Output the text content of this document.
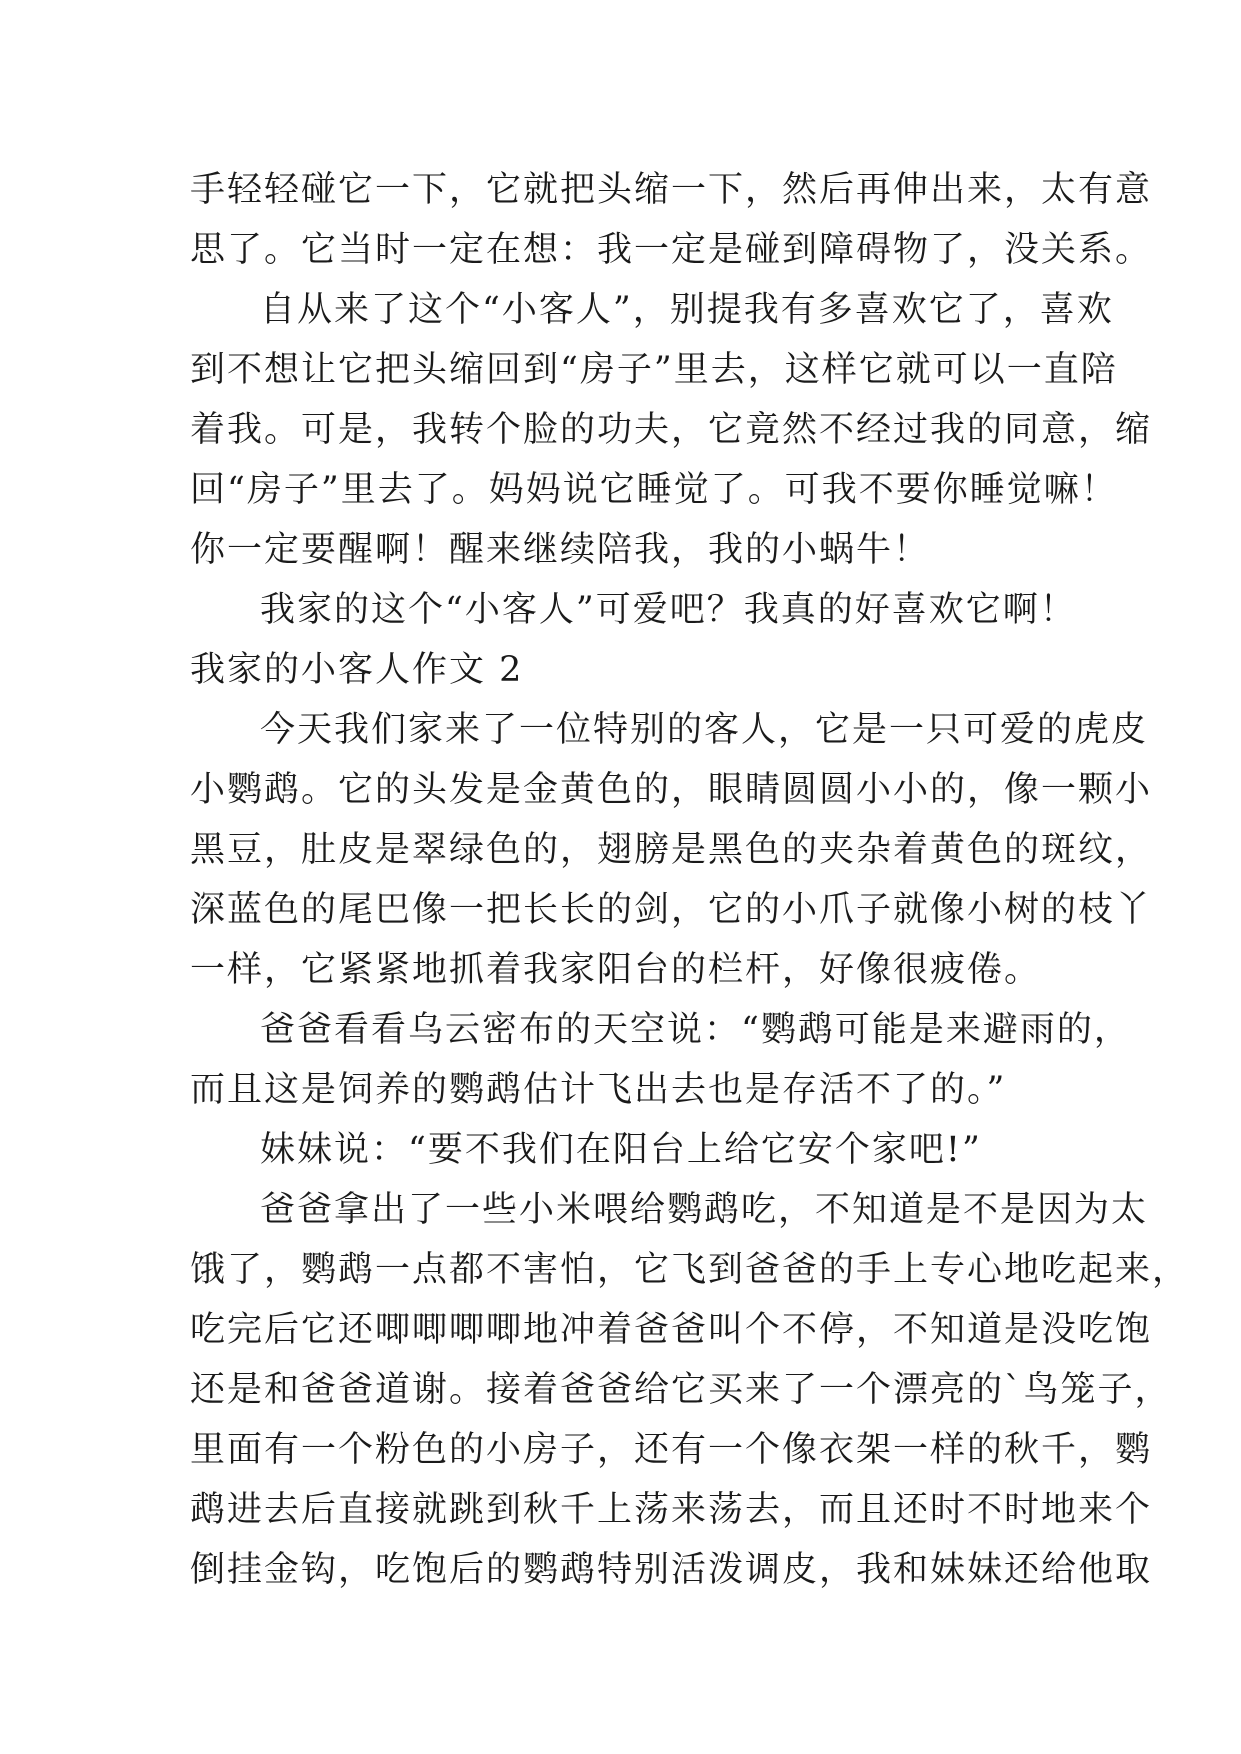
手轻轻碰它一下，它就把头缩一下，然后再伸出来，太有意
思了。它当时一定在想：我一定是碰到障碍物了，没关系。
自从来了这个“小客人”，别提我有多喜欢它了，喜欢
到不想让它把头缩回到“房子”里去，这样它就可以一直陪
着我。可是，我转个脸的功夫，它竟然不经过我的同意，缩
回“房子”里去了。妈妈说它睡觉了。可我不要你睡觉嘛！
你一定要醒啊！醒来继续陪我，我的小蜗牛！
我家的这个“小客人”可爱吧？我真的好喜欢它啊！
我家的小客人作文 2
今天我们家来了一位特别的客人，它是一只可爱的虎皮
小鹦鹉。它的头发是金黄色的，眼睛圆圆小小的，像一颗小
黑豆，肚皮是翠绿色的，翅膀是黑色的夹杂着黄色的斑纹，
深蓝色的尾巴像一把长长的剑，它的小爪子就像小树的枝丫
一样，它紧紧地抓着我家阳台的栏杆，好像很疲倦。
爸爸看看乌云密布的天空说：“鹦鹉可能是来避雨的，
而且这是饲养的鹦鹉估计飞出去也是存活不了的。”
妹妹说：“要不我们在阳台上给它安个家吧!”
爸爸拿出了一些小米喂给鹦鹉吃，不知道是不是因为太
饿了，鹦鹉一点都不害怕，它飞到爸爸的手上专心地吃起来，
吃完后它还唧唧唧唧地冲着爸爸叫个不停，不知道是没吃饱
还是和爸爸道谢。接着爸爸给它买来了一个漂亮的`鸟笼子，
里面有一个粉色的小房子，还有一个像衣架一样的秋千，鹦
鹉进去后直接就跳到秋千上荡来荡去，而且还时不时地来个
倒挂金钩，吃饱后的鹦鹉特别活泼调皮，我和妹妹还给他取
